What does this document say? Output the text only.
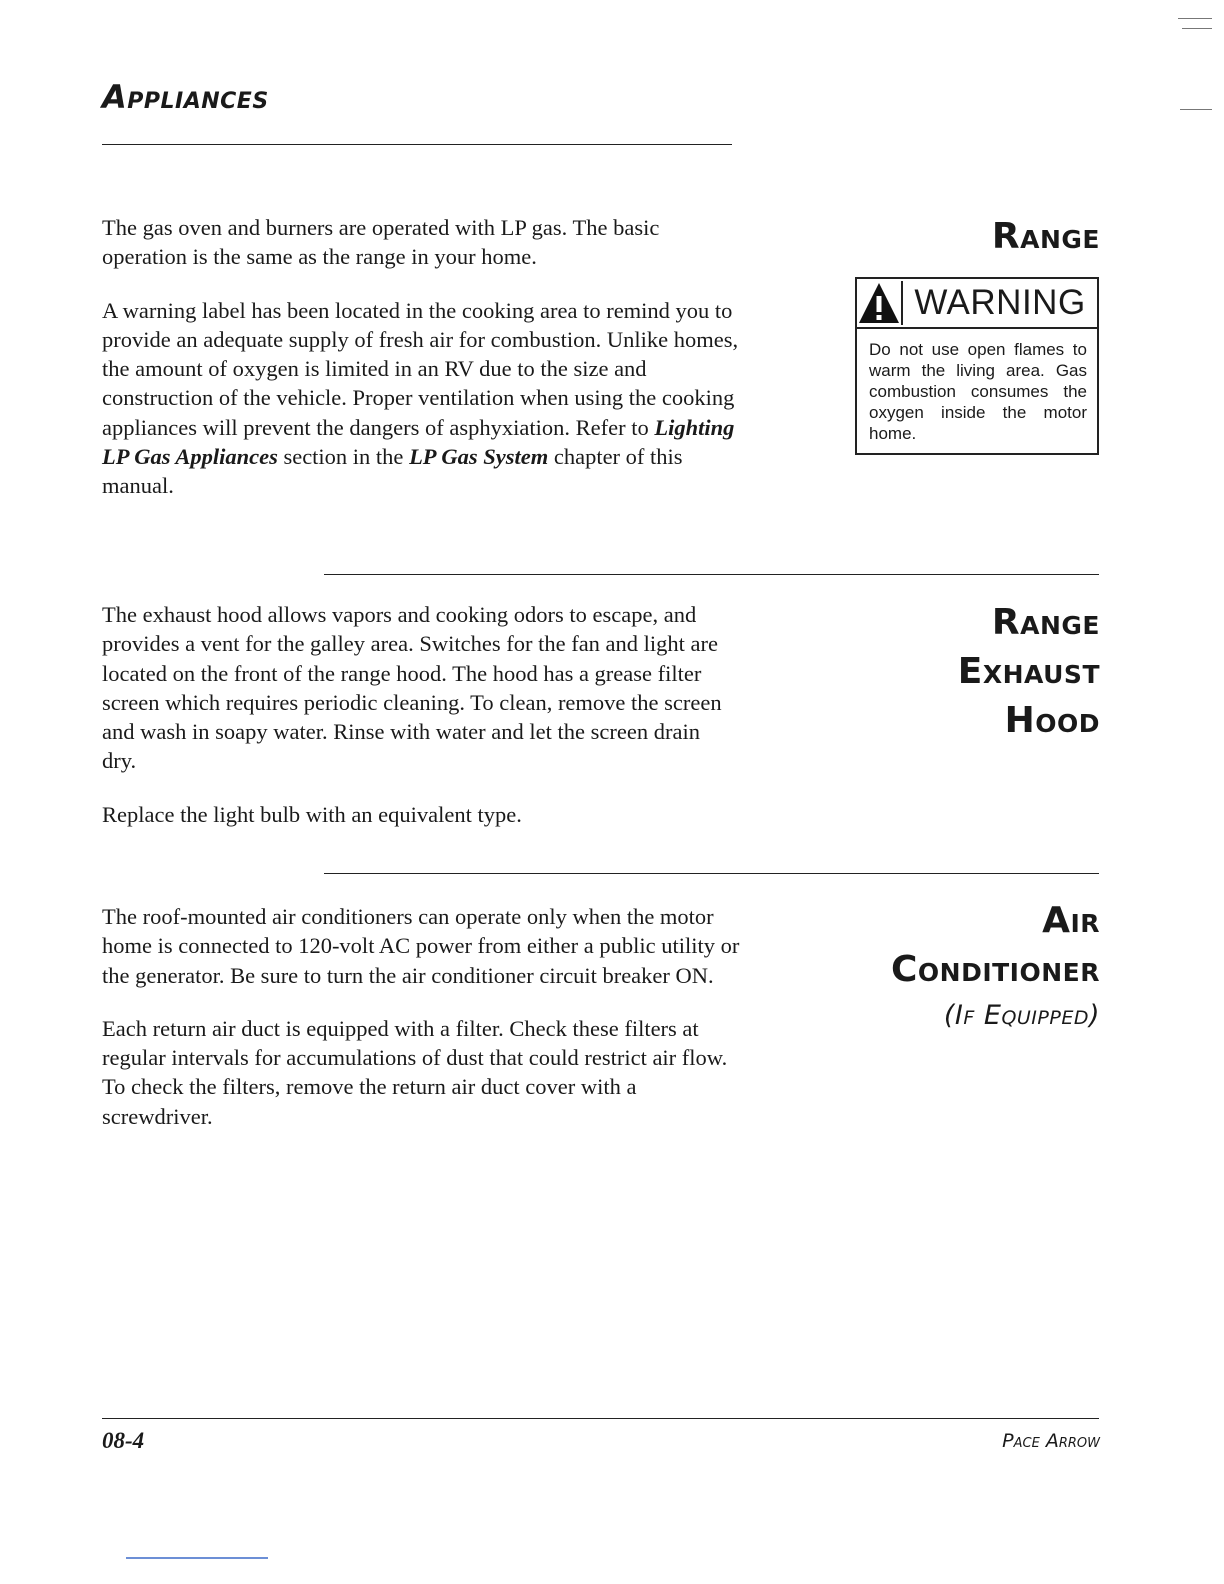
Appliances

The gas oven and burners are operated with LP gas. The basic operation is the same as the range in your home.

A warning label has been located in the cooking area to remind you to provide an adequate supply of fresh air for combustion. Unlike homes, the amount of oxygen is limited in an RV due to the size and construction of the vehicle. Proper ventilation when using the cooking appliances will prevent the dangers of asphyxiation. Refer to Lighting LP Gas Appliances section in the LP Gas System chapter of this manual.

Range
WARNING

Do not use open flames to warm the living area. Gas combustion consumes the oxygen inside the motor home.

The exhaust hood allows vapors and cooking odors to escape, and provides a vent for the galley area. Switches for the fan and light are located on the front of the range hood. The hood has a grease filter screen which requires periodic cleaning. To clean, remove the screen and wash in soapy water. Rinse with water and let the screen drain dry.

Replace the light bulb with an equivalent type.

Range
Exhaust
Hood

The roof-mounted air conditioners can operate only when the motor home is connected to 120-volt AC power from either a public utility or the generator. Be sure to turn the air conditioner circuit breaker ON.

Each return air duct is equipped with a filter. Check these filters at regular intervals for accumulations of dust that could restrict air flow. To check the filters, remove the return air duct cover with a screwdriver.

Air
Conditioner
(If Equipped)

08-4	Pace Arrow
